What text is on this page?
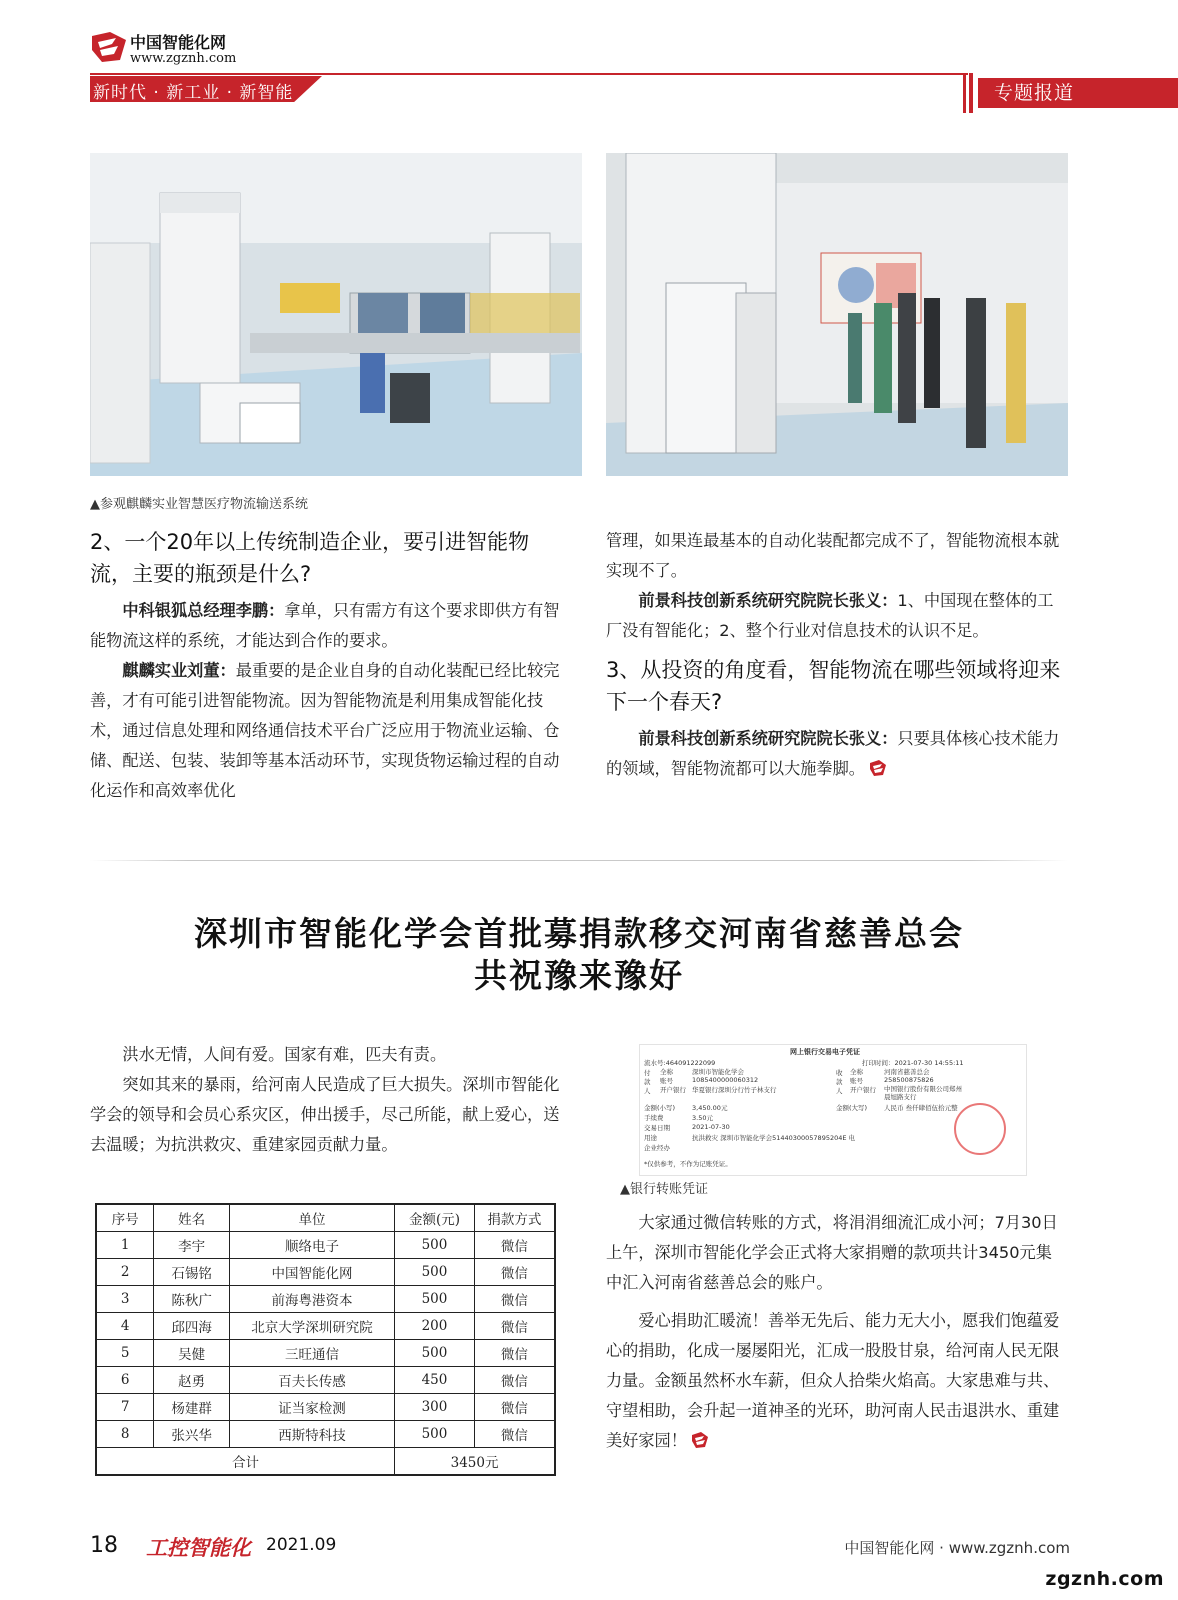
中国智能化网
www.zgznh.com
新时代 · 新工业 · 新智能	专题报道
▲参观麒麟实业智慧医疗物流输送系统
2、一个20年以上传统制造企业，要引进智能物流，主要的瓶颈是什么?

中科银狐总经理李鹏：拿单，只有需方有这个要求即供方有智能物流这样的系统，才能达到合作的要求。

麒麟实业刘董：最重要的是企业自身的自动化装配已经比较完善，才有可能引进智能物流。因为智能物流是利用集成智能化技术，通过信息处理和网络通信技术平台广泛应用于物流业运输、仓储、配送、包装、装卸等基本活动环节，实现货物运输过程的自动化运作和高效率优化

管理，如果连最基本的自动化装配都完成不了，智能物流根本就实现不了。

前景科技创新系统研究院院长张义：1、中国现在整体的工厂没有智能化；2、整个行业对信息技术的认识不足。

3、从投资的角度看，智能物流在哪些领域将迎来下一个春天?

前景科技创新系统研究院院长张义：只要具体核心技术能力的领域，智能物流都可以大施拳脚。

深圳市智能化学会首批募捐款移交河南省慈善总会
共祝豫来豫好

洪水无情，人间有爱。国家有难，匹夫有责。

突如其来的暴雨，给河南人民造成了巨大损失。深圳市智能化学会的领导和会员心系灾区，伸出援手，尽己所能，献上爱心，送去温暖；为抗洪救灾、重建家园贡献力量。

序号	姓名	单位	金额(元)	捐款方式
1	李宇	顺络电子	500	微信
2	石锡铭	中国智能化网	500	微信
3	陈秋广	前海粤港资本	500	微信
4	邱四海	北京大学深圳研究院	200	微信
5	吴健	三旺通信	500	微信
6	赵勇	百夫长传感	450	微信
7	杨建群	证当家检测	300	微信
8	张兴华	西斯特科技	500	微信
合计			3450元	
网上银行交易电子凭证
流水号:464091222099	打印时间：2021-07-30 14:55:11
付款人
全称	深圳市智能化学会
账号	1085400000060312
开户银行 华夏银行深圳分行竹子林支行
收款人
全称	河南省慈善总会
账号	258500875826
开户银行 中国银行股份有限公司郑州晨旭路支行
金额(小写)	3,450.00元	金额(大写)	人民币 叁仟肆佰伍拾元整
手续费	3.50元
交易日期	2021-07-30
用途	抗洪救灾 深圳市智能化学会51440300057895204E 电
企业经办
*仅供参考，不作为记账凭证。
▲银行转账凭证

大家通过微信转账的方式，将涓涓细流汇成小河；7月30日上午，深圳市智能化学会正式将大家捐赠的款项共计3450元集中汇入河南省慈善总会的账户。

爱心捐助汇暖流！善举无先后、能力无大小，愿我们饱蕴爱心的捐助，化成一屡屡阳光，汇成一股股甘泉，给河南人民无限力量。金额虽然杯水车薪，但众人拾柴火焰高。大家患难与共、守望相助，会升起一道神圣的光环，助河南人民击退洪水、重建美好家园！

18 工控智能化 2021.09	中国智能化网 · www.zgznh.com
zgznh.com
